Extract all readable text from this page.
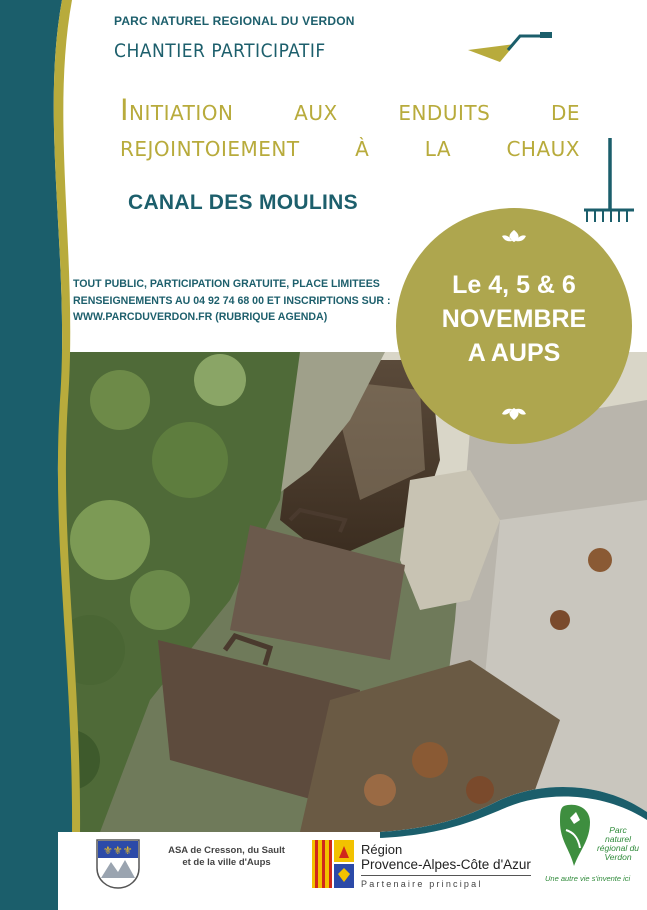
PARC NATUREL REGIONAL DU VERDON

CHANTIER PARTICIPATIF

Initiation aux enduits de
rejointoiement à la chaux

CANAL DES MOULINS

TOUT PUBLIC, PARTICIPATION GRATUITE, PLACE LIMITEES
RENSEIGNEMENTS AU 04 92 74 68 00 ET INSCRIPTIONS SUR :
WWW.PARCDUVERDON.FR (RUBRIQUE AGENDA)
Le 4, 5 & 6
NOVEMBRE
A AUPS
⚜⚜⚜	ASA de Cresson, du Sault et de la ville d'Aups
Région
Provence-Alpes-Côte d'Azur
Partenaire principal
Parc naturel régional du Verdon
Une autre vie s'invente ici
